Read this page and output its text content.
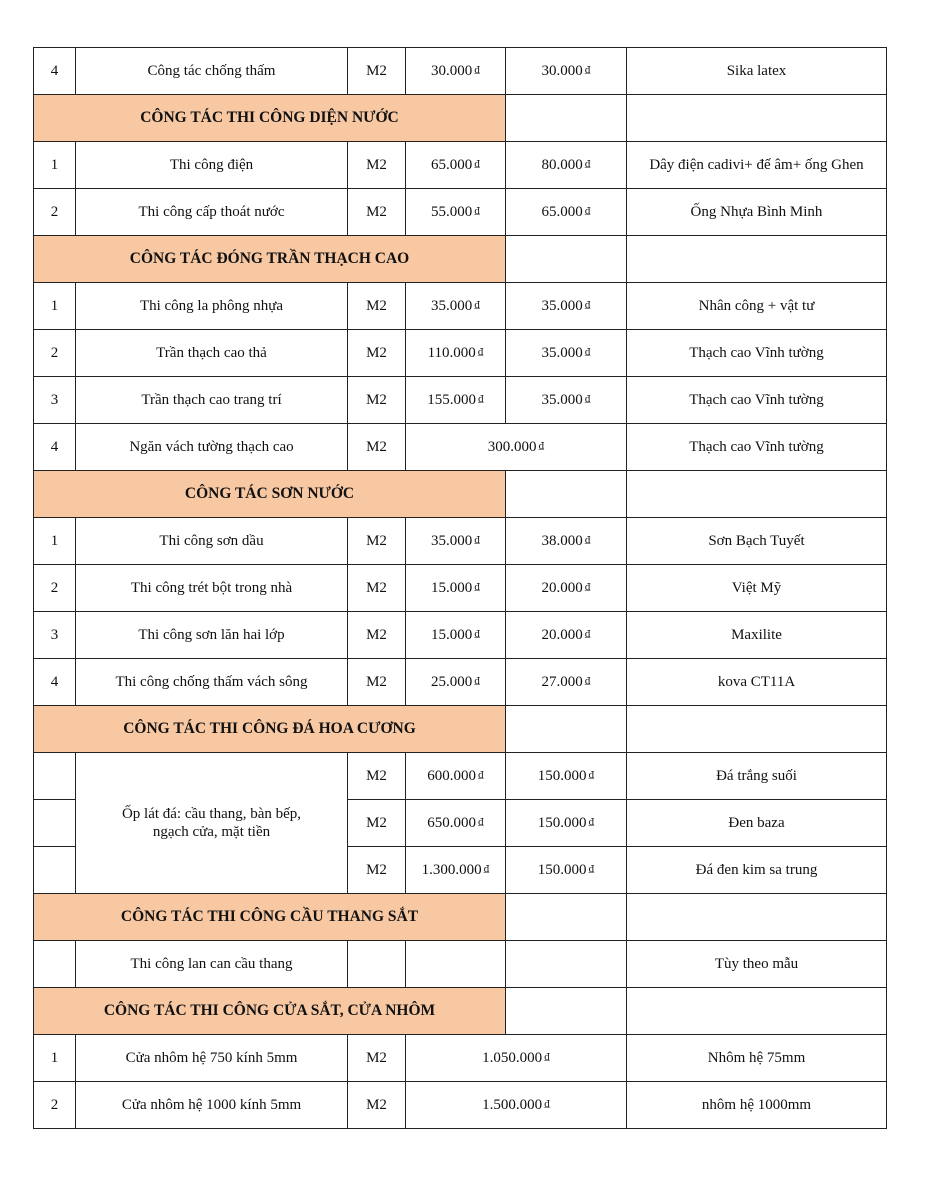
4	Công tác chống thấm	M2	30.000 ₫	30.000 ₫	Sika latex
CÔNG TÁC THI CÔNG DIỆN NƯỚC					
1	Thi công điện	M2	65.000 ₫	80.000 ₫	Dây điện cadivi+ đế âm+ ống Ghen
2	Thi công cấp thoát nước	M2	55.000 ₫	65.000 ₫	Ống Nhựa Bình Minh
CÔNG TÁC ĐÓNG TRẦN THẠCH CAO					
1	Thi công la phông nhựa	M2	35.000 ₫	35.000 ₫	Nhân công + vật tư
2	Trần thạch cao thả	M2	110.000 ₫	35.000 ₫	Thạch cao Vĩnh tường
3	Trần thạch cao trang trí	M2	155.000 ₫	35.000 ₫	Thạch cao Vĩnh tường
4	Ngăn vách tường thạch cao	M2	300.000 ₫		Thạch cao Vĩnh tường
CÔNG TÁC SƠN NƯỚC					
1	Thi công sơn dầu	M2	35.000 ₫	38.000 ₫	Sơn Bạch Tuyết
2	Thi công trét bột trong nhà	M2	15.000 ₫	20.000 ₫	Việt Mỹ
3	Thi công sơn lăn hai lớp	M2	15.000 ₫	20.000 ₫	Maxilite
4	Thi công chống thấm vách sông	M2	25.000 ₫	27.000 ₫	kova CT11A
CÔNG TÁC THI CÔNG ĐÁ HOA CƯƠNG					
	Ốp lát đá: cầu thang, bàn bếp, ngạch cửa, mặt tiền	M2	600.000 ₫	150.000 ₫	Đá trắng suối
		M2	650.000 ₫	150.000 ₫	Đen baza
		M2	1.300.000 ₫	150.000 ₫	Đá đen kim sa trung
CÔNG TÁC THI CÔNG CẦU THANG SẮT					
	Thi công lan can cầu thang				Tùy theo mẫu
CÔNG TÁC THI CÔNG CỬA SẮT, CỬA NHÔM					
1	Cửa nhôm hệ 750 kính 5mm	M2	1.050.000 ₫		Nhôm hệ 75mm
2	Cửa nhôm hệ 1000 kính 5mm	M2	1.500.000 ₫		nhôm hệ 1000mm
